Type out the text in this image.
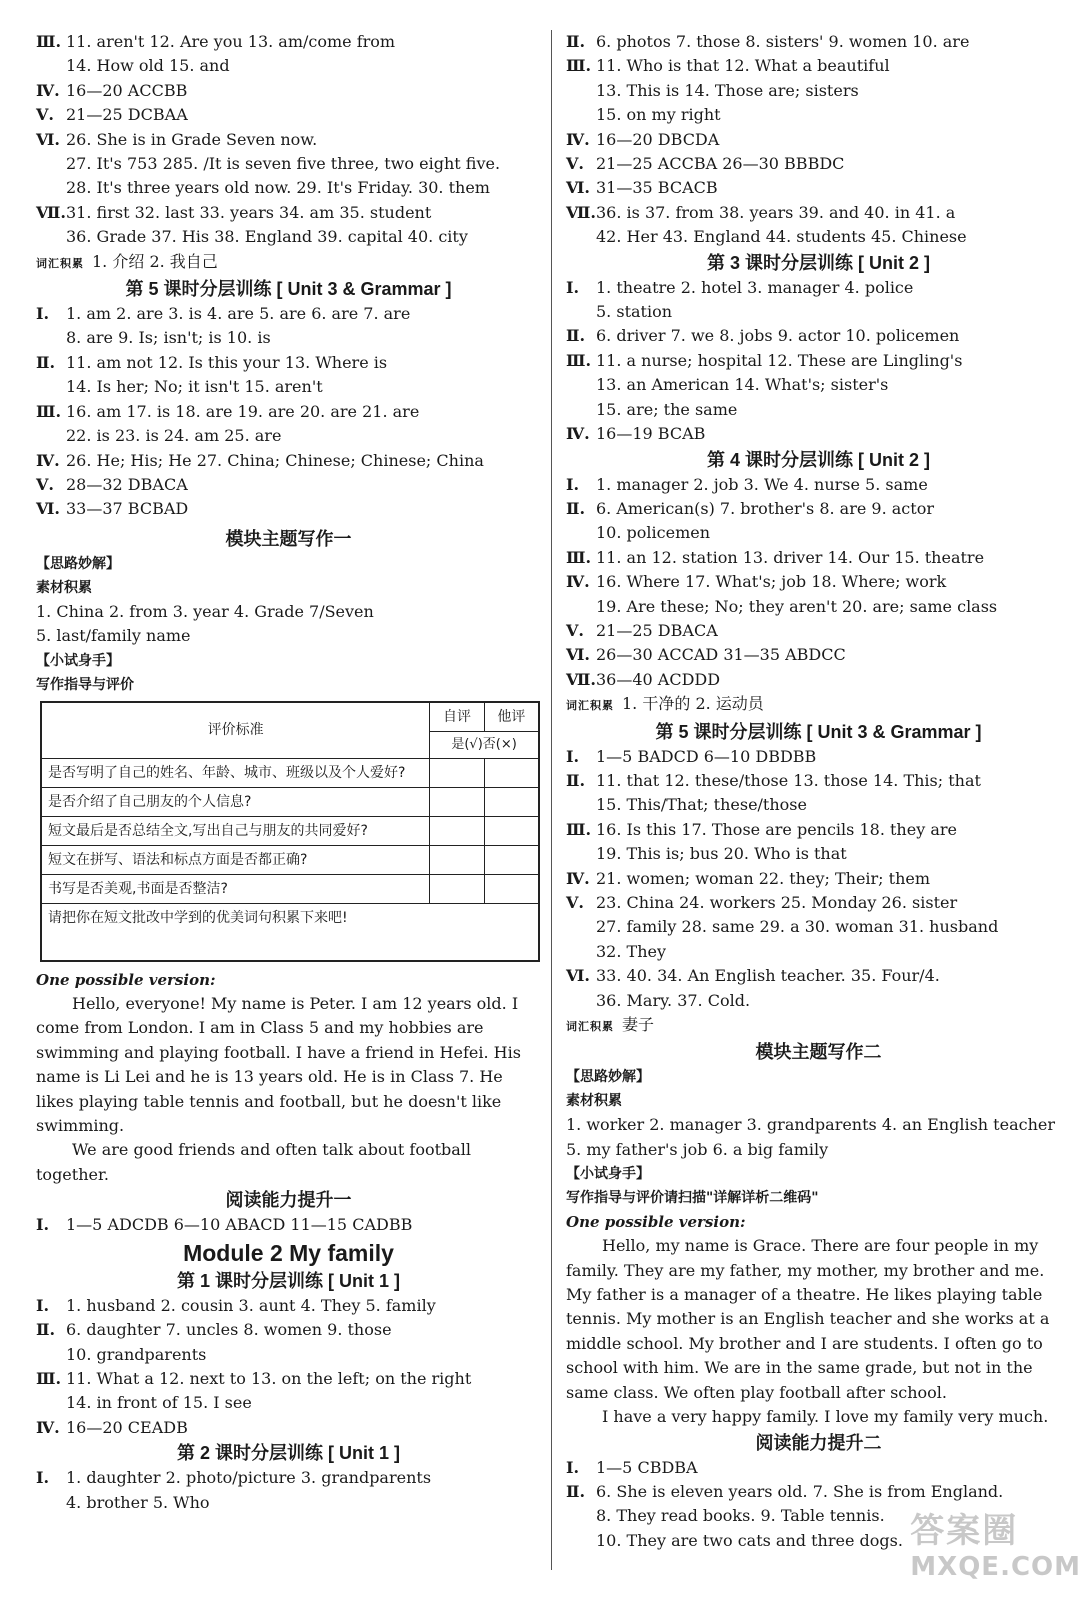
Ⅲ. 11. aren't 12. Are you 13. am/come from
14. How old 15. and
Ⅳ. 16—20 ACCBB
Ⅴ. 21—25 DCBAA
Ⅵ. 26. She is in Grade Seven now.
27. It's 753 285. /It is seven five three, two eight five.
28. It's three years old now. 29. It's Friday. 30. them
Ⅶ.31. first 32. last 33. years 34. am 35. student
36. Grade 37. His 38. England 39. capital 40. city
词汇积累 1. 介绍 2. 我自己
第 5 课时分层训练 [ Unit 3 & Grammar ]
Ⅰ. 1. am 2. are 3. is 4. are 5. are 6. are 7. are
8. are 9. Is; isn't; is 10. is
Ⅱ. 11. am not 12. Is this your 13. Where is
14. Is her; No; it isn't 15. aren't
Ⅲ. 16. am 17. is 18. are 19. are 20. are 21. are
22. is 23. is 24. am 25. are
Ⅳ. 26. He; His; He 27. China; Chinese; Chinese; China
Ⅴ. 28—32 DBACA
Ⅵ. 33—37 BCBAD
模块主题写作一
【思路妙解】
素材积累
1. China 2. from 3. year 4. Grade 7/Seven
5. last/family name
【小试身手】
写作指导与评价
评价标准	自评	他评
	是(√)否(×)	
是否写明了自己的姓名、年龄、城市、班级以及个人爱好?		
是否介绍了自己朋友的个人信息?		
短文最后是否总结全文,写出自己与朋友的共同爱好?		
短文在拼写、语法和标点方面是否都正确?		
书写是否美观,书面是否整洁?		
请把你在短文批改中学到的优美词句积累下来吧!		
One possible version:
Hello, everyone! My name is Peter. I am 12 years old. I come from London. I am in Class 5 and my hobbies are swimming and playing football. I have a friend in Hefei. His name is Li Lei and he is 13 years old. He is in Class 7. He likes playing table tennis and football, but he doesn't like swimming.
We are good friends and often talk about football together.
阅读能力提升一
Ⅰ. 1—5 ADCDB 6—10 ABACD 11—15 CADBB
Module 2 My family
第 1 课时分层训练 [ Unit 1 ]
Ⅰ. 1. husband 2. cousin 3. aunt 4. They 5. family
Ⅱ. 6. daughter 7. uncles 8. women 9. those
10. grandparents
Ⅲ. 11. What a 12. next to 13. on the left; on the right
14. in front of 15. I see
Ⅳ. 16—20 CEADB
第 2 课时分层训练 [ Unit 1 ]
Ⅰ. 1. daughter 2. photo/picture 3. grandparents
4. brother 5. Who
Ⅱ. 6. photos 7. those 8. sisters' 9. women 10. are
Ⅲ. 11. Who is that 12. What a beautiful
13. This is 14. Those are; sisters
15. on my right
Ⅳ. 16—20 DBCDA
Ⅴ. 21—25 ACCBA 26—30 BBBDC
Ⅵ. 31—35 BCACB
Ⅶ.36. is 37. from 38. years 39. and 40. in 41. a
42. Her 43. England 44. students 45. Chinese
第 3 课时分层训练 [ Unit 2 ]
Ⅰ. 1. theatre 2. hotel 3. manager 4. police
5. station
Ⅱ. 6. driver 7. we 8. jobs 9. actor 10. policemen
Ⅲ. 11. a nurse; hospital 12. These are Lingling's
13. an American 14. What's; sister's
15. are; the same
Ⅳ. 16—19 BCAB
第 4 课时分层训练 [ Unit 2 ]
Ⅰ. 1. manager 2. job 3. We 4. nurse 5. same
Ⅱ. 6. American(s) 7. brother's 8. are 9. actor
10. policemen
Ⅲ. 11. an 12. station 13. driver 14. Our 15. theatre
Ⅳ. 16. Where 17. What's; job 18. Where; work
19. Are these; No; they aren't 20. are; same class
Ⅴ. 21—25 DBACA
Ⅵ. 26—30 ACCAD 31—35 ABDCC
Ⅶ.36—40 ACDDD
词汇积累 1. 干净的 2. 运动员
第 5 课时分层训练 [ Unit 3 & Grammar ]
Ⅰ. 1—5 BADCD 6—10 DBDBB
Ⅱ. 11. that 12. these/those 13. those 14. This; that
15. This/That; these/those
Ⅲ. 16. Is this 17. Those are pencils 18. they are
19. This is; bus 20. Who is that
Ⅳ. 21. women; woman 22. they; Their; them
Ⅴ. 23. China 24. workers 25. Monday 26. sister
27. family 28. same 29. a 30. woman 31. husband
32. They
Ⅵ. 33. 40. 34. An English teacher. 35. Four/4.
36. Mary. 37. Cold.
词汇积累 妻子
模块主题写作二
【思路妙解】
素材积累
1. worker 2. manager 3. grandparents 4. an English teacher
5. my father's job 6. a big family
【小试身手】
写作指导与评价请扫描"详解详析二维码"
One possible version:
Hello, my name is Grace. There are four people in my family. They are my father, my mother, my brother and me. My father is a manager of a theatre. He likes playing table tennis. My mother is an English teacher and she works at a middle school. My brother and I are students. I often go to school with him. We are in the same grade, but not in the same class. We often play football after school.
I have a very happy family. I love my family very much.
阅读能力提升二
Ⅰ. 1—5 CBDBA
Ⅱ. 6. She is eleven years old. 7. She is from England.
8. They read books. 9. Table tennis.
10. They are two cats and three dogs. 答案圈
MXQE.COM
